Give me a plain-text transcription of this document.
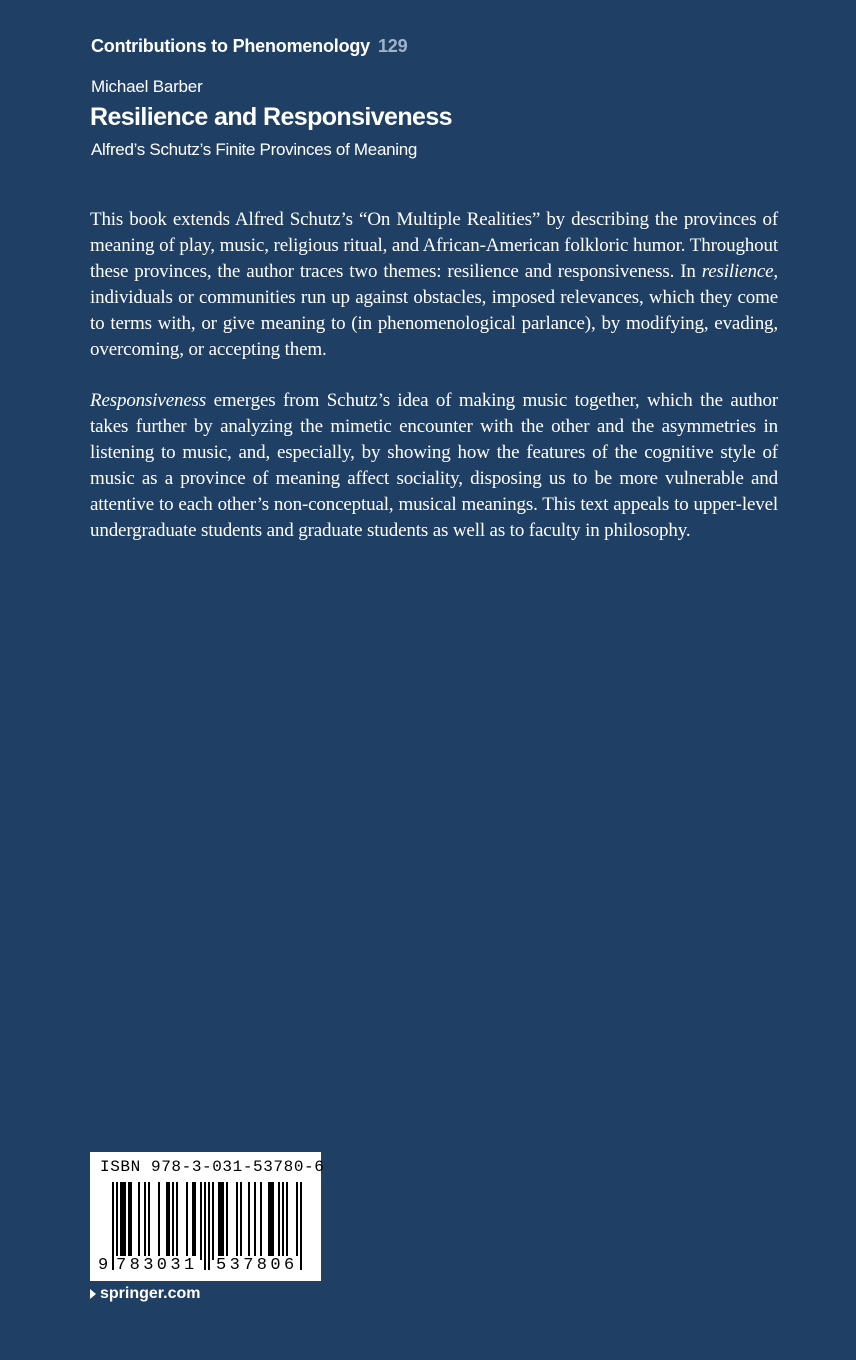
Contributions to Phenomenology 129
Michael Barber
Resilience and Responsiveness
Alfred’s Schutz’s Finite Provinces of Meaning

This book extends Alfred Schutz’s “On Multiple Realities” by describing the provinces of meaning of play, music, religious ritual, and African-American folkloric humor. Throughout these provinces, the author traces two themes: resilience and responsiveness. In resilience, individuals or communities run up against obstacles, imposed relevances, which they come to terms with, or give meaning to (in phenomenological parlance), by modifying, evading, overcoming, or accepting them.

Responsiveness emerges from Schutz’s idea of making music together, which the author takes further by analyzing the mimetic encounter with the other and the asymmetries in listening to music, and, especially, by showing how the features of the cognitive style of music as a province of meaning affect sociality, disposing us to be more vulnerable and attentive to each other’s non-conceptual, musical meanings. This text appeals to upper-level undergraduate students and graduate students as well as to faculty in philosophy.

ISBN 978-3-031-53780-6
9 783031 537806
springer.com
